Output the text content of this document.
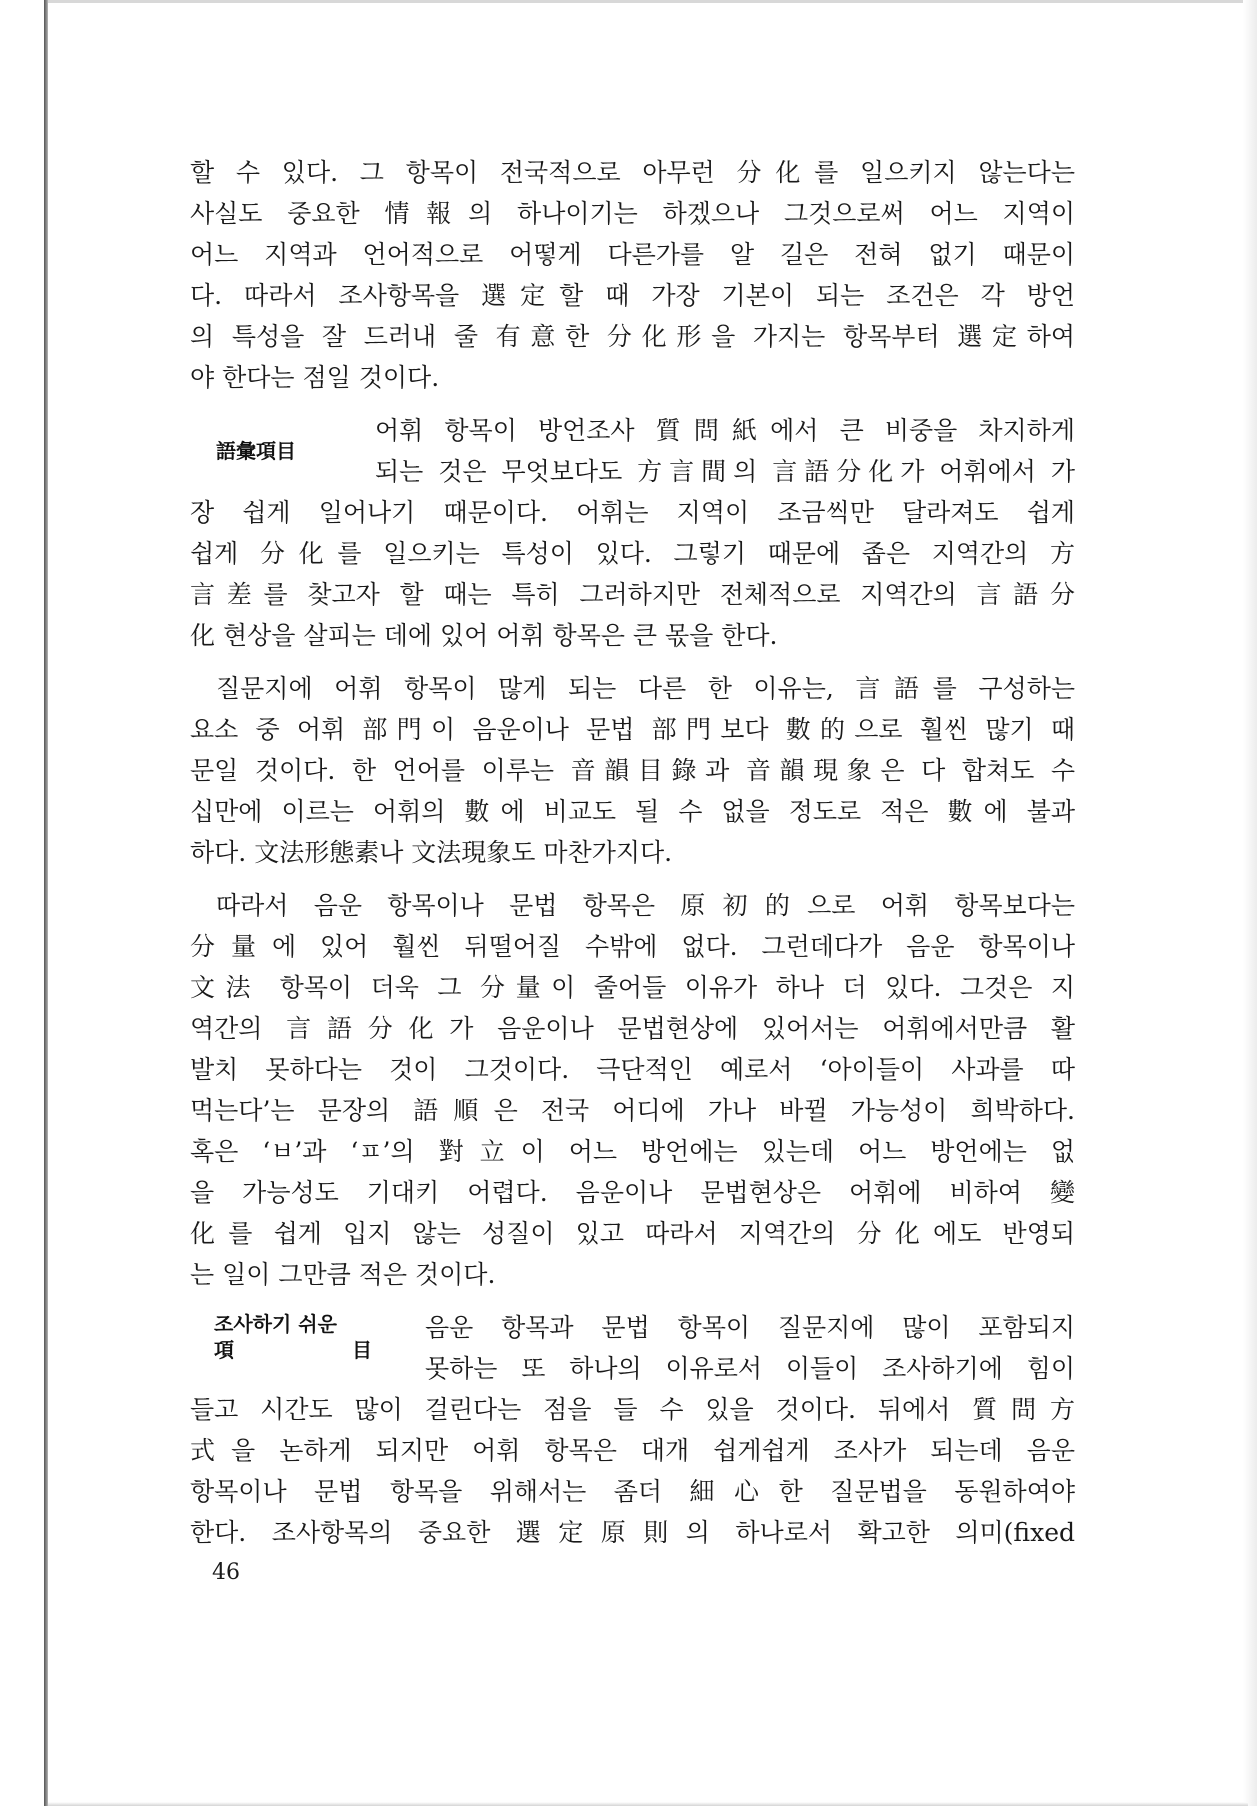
할 수 있다. 그 항목이 전국적으로 아무런 分化를 일으키지 않는다는
사실도 중요한 情報의 하나이기는 하겠으나 그것으로써 어느 지역이
어느 지역과 언어적으로 어떻게 다른가를 알 길은 전혀 없기 때문이
다. 따라서 조사항목을 選定할 때 가장 기본이 되는 조건은 각 방언
의 특성을 잘 드러내 줄 有意한 分化形을 가지는 항목부터 選定하여
야 한다는 점일 것이다.
語彙項目
어휘 항목이 방언조사 質問紙에서 큰 비중을 차지하게
되는 것은 무엇보다도 方言間의 言語分化가 어휘에서 가
장 쉽게 일어나기 때문이다. 어휘는 지역이 조금씩만 달라져도 쉽게
쉽게 分化를 일으키는 특성이 있다. 그렇기 때문에 좁은 지역간의 方
言差를 찾고자 할 때는 특히 그러하지만 전체적으로 지역간의 言語分
化 현상을 살피는 데에 있어 어휘 항목은 큰 몫을 한다.
질문지에 어휘 항목이 많게 되는 다른 한 이유는, 言語를 구성하는
요소 중 어휘 部門이 음운이나 문법 部門보다 數的으로 훨씬 많기 때
문일 것이다. 한 언어를 이루는 音韻目錄과 音韻現象은 다 합쳐도 수
십만에 이르는 어휘의 數에 비교도 될 수 없을 정도로 적은 數에 불과
하다. 文法形態素나 文法現象도 마찬가지다.
따라서 음운 항목이나 문법 항목은 原初的으로 어휘 항목보다는
分量에 있어 훨씬 뒤떨어질 수밖에 없다. 그런데다가 음운 항목이나
文法 항목이 더욱 그 分量이 줄어들 이유가 하나 더 있다. 그것은 지
역간의 言語分化가 음운이나 문법현상에 있어서는 어휘에서만큼 활
발치 못하다는 것이 그것이다. 극단적인 예로서 ‘아이들이 사과를 따
먹는다’는 문장의 語順은 전국 어디에 가나 바뀔 가능성이 희박하다.
혹은 ‘ㅂ’과 ‘ㅍ’의 對立이 어느 방언에는 있는데 어느 방언에는 없
을 가능성도 기대키 어렵다. 음운이나 문법현상은 어휘에 비하여 變
化를 쉽게 입지 않는 성질이 있고 따라서 지역간의 分化에도 반영되
는 일이 그만큼 적은 것이다.
조사하기 쉬운
項	目
음운 항목과 문법 항목이 질문지에 많이 포함되지
못하는 또 하나의 이유로서 이들이 조사하기에 힘이
들고 시간도 많이 걸린다는 점을 들 수 있을 것이다. 뒤에서 質問方
式을 논하게 되지만 어휘 항목은 대개 쉽게쉽게 조사가 되는데 음운
항목이나 문법 항목을 위해서는 좀더 細心한 질문법을 동원하여야
한다. 조사항목의 중요한 選定原則의 하나로서 확고한 의미(fixed
46
